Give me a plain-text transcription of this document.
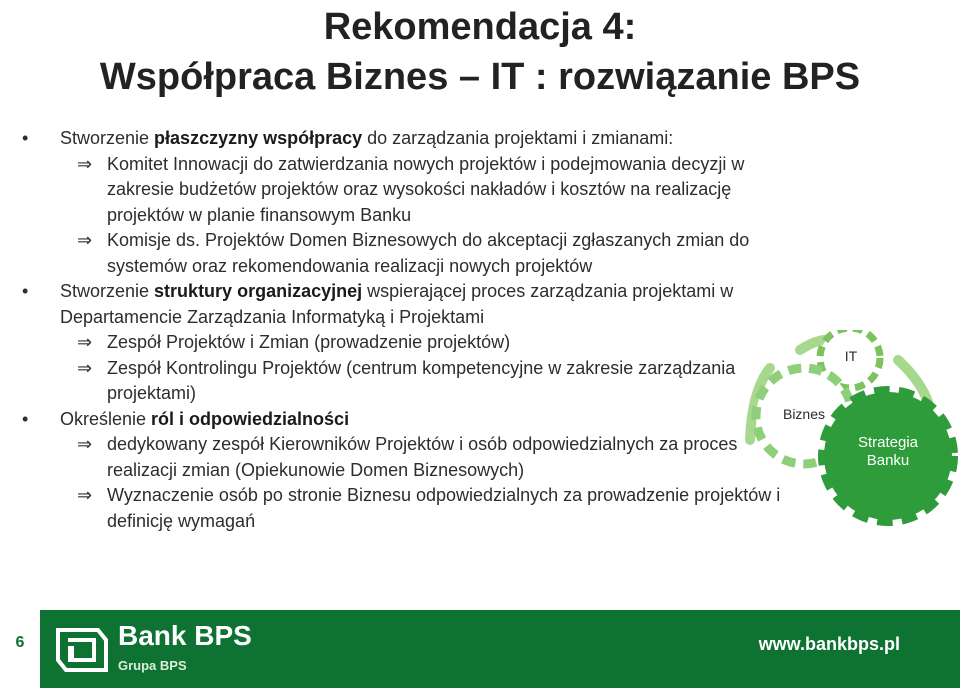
Rekomendacja 4:
Współpraca Biznes – IT : rozwiązanie BPS

• Stworzenie płaszczyzny współpracy do zarządzania projektami i zmianami:

⇒ Komitet Innowacji do zatwierdzania nowych projektów i podejmowania decyzji w zakresie budżetów projektów oraz wysokości nakładów i kosztów na realizację projektów w planie finansowym Banku

⇒ Komisje ds. Projektów Domen Biznesowych do akceptacji zgłaszanych zmian do systemów oraz rekomendowania realizacji nowych projektów

• Stworzenie struktury organizacyjnej wspierającej proces zarządzania projektami w Departamencie Zarządzania Informatyką i Projektami

⇒ Zespół Projektów i Zmian (prowadzenie projektów)

⇒ Zespół Kontrolingu Projektów (centrum kompetencyjne w zakresie zarządzania projektami)

• Określenie ról i odpowiedzialności

⇒ dedykowany zespół Kierowników Projektów i osób odpowiedzialnych za proces realizacji zmian (Opiekunowie Domen Biznesowych)

⇒ Wyznaczenie osób po stronie Biznesu odpowiedzialnych za prowadzenie projektów i definicję wymagań

IT
Biznes
Strategia Banku
6	Bank BPS
Grupa BPS
www.bankbps.pl
